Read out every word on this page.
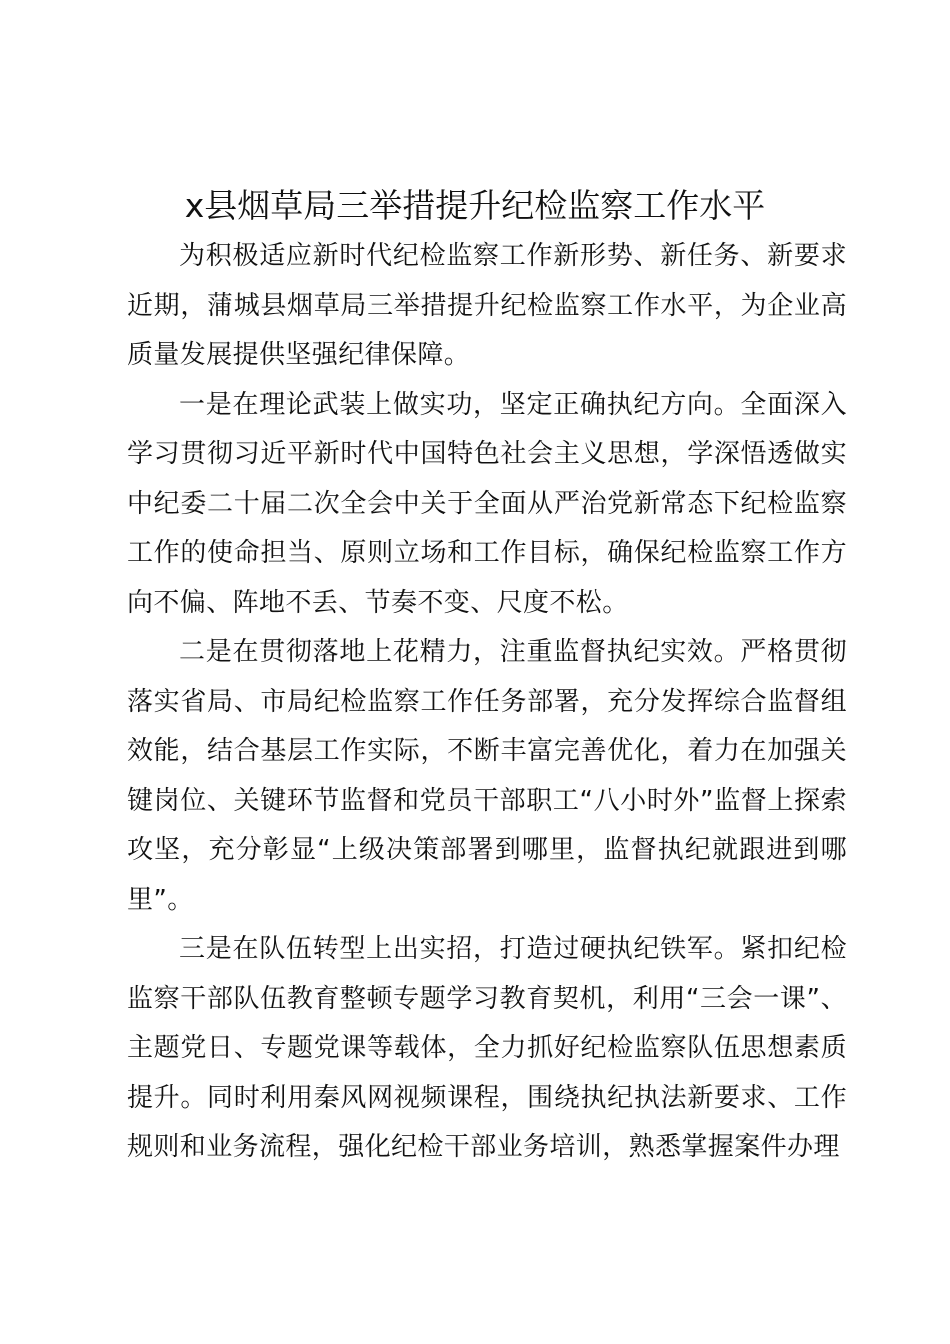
x县烟草局三举措提升纪检监察工作水平

为积极适应新时代纪检监察工作新形势、新任务、新要求近期，蒲城县烟草局三举措提升纪检监察工作水平，为企业高质量发展提供坚强纪律保障。

一是在理论武装上做实功，坚定正确执纪方向。全面深入学习贯彻习近平新时代中国特色社会主义思想，学深悟透做实中纪委二十届二次全会中关于全面从严治党新常态下纪检监察工作的使命担当、原则立场和工作目标，确保纪检监察工作方向不偏、阵地不丢、节奏不变、尺度不松。

二是在贯彻落地上花精力，注重监督执纪实效。严格贯彻落实省局、市局纪检监察工作任务部署，充分发挥综合监督组效能，结合基层工作实际，不断丰富完善优化，着力在加强关键岗位、关键环节监督和党员干部职工“八小时外”监督上探索攻坚，充分彰显“上级决策部署到哪里，监督执纪就跟进到哪里”。

三是在队伍转型上出实招，打造过硬执纪铁军。紧扣纪检监察干部队伍教育整顿专题学习教育契机，利用“三会一课”、主题党日、专题党课等载体，全力抓好纪检监察队伍思想素质提升。同时利用秦风网视频课程，围绕执纪执法新要求、工作规则和业务流程，强化纪检干部业务培训，熟悉掌握案件办理
